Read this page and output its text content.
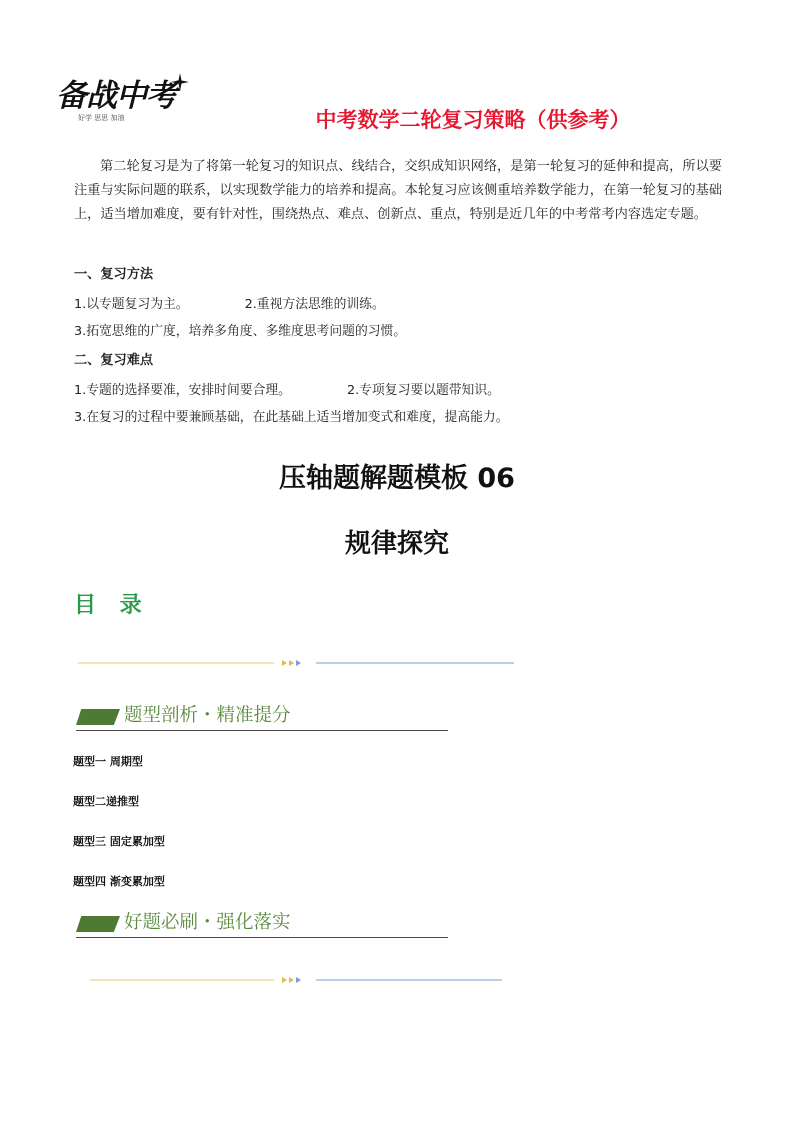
备战中考
好学 思思 加油	中考数学二轮复习策略（供参考）
第二轮复习是为了将第一轮复习的知识点、线结合，交织成知识网络，是第一轮复习的延伸和提高，所以要注重与实际问题的联系，以实现数学能力的培养和提高。本轮复习应该侧重培养数学能力，在第一轮复习的基础上，适当增加难度，要有针对性，围绕热点、难点、创新点、重点，特别是近几年的中考常考内容选定专题。
一、复习方法
1.以专题复习为主。	2.重视方法思维的训练。
3.拓宽思维的广度，培养多角度、多维度思考问题的习惯。
二、复习难点
1.专题的选择要准，安排时间要合理。	2.专项复习要以题带知识。
3.在复习的过程中要兼顾基础，在此基础上适当增加变式和难度，提高能力。
压轴题解题模板 06
规律探究
目 录
题型剖析・精准提分
题型一 周期型
题型二递推型
题型三 固定累加型
题型四 渐变累加型
好题必刷・强化落实
